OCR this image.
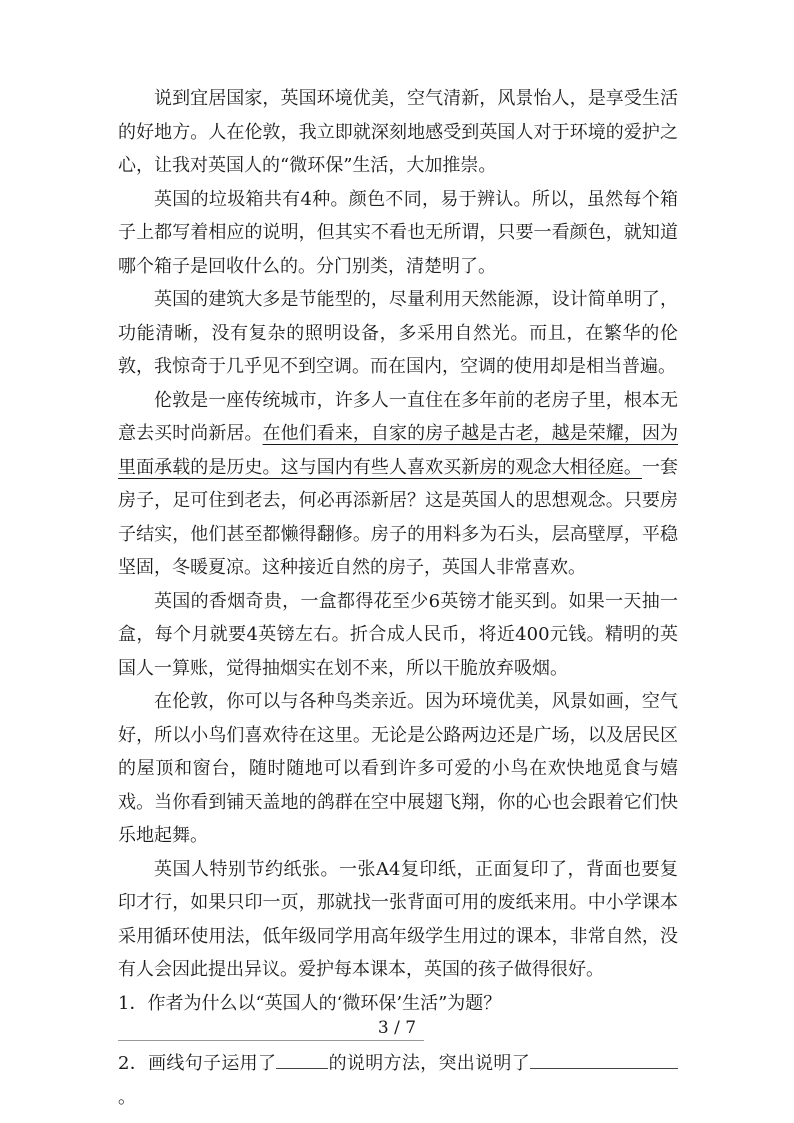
说到宜居国家，英国环境优美，空气清新，风景怡人，是享受生活的好地方。人在伦敦，我立即就深刻地感受到英国人对于环境的爱护之心，让我对英国人的“微环保”生活，大加推崇。

英国的垃圾箱共有4种。颜色不同，易于辨认。所以，虽然每个箱子上都写着相应的说明，但其实不看也无所谓，只要一看颜色，就知道哪个箱子是回收什么的。分门别类，清楚明了。

英国的建筑大多是节能型的，尽量利用天然能源，设计简单明了，功能清晰，没有复杂的照明设备，多采用自然光。而且，在繁华的伦敦，我惊奇于几乎见不到空调。而在国内，空调的使用却是相当普遍。

伦敦是一座传统城市，许多人一直住在多年前的老房子里，根本无意去买时尚新居。在他们看来，自家的房子越是古老，越是荣耀，因为里面承载的是历史。这与国内有些人喜欢买新房的观念大相径庭。一套房子，足可住到老去，何必再添新居？这是英国人的思想观念。只要房子结实，他们甚至都懒得翻修。房子的用料多为石头，层高壁厚，平稳坚固，冬暖夏凉。这种接近自然的房子，英国人非常喜欢。

英国的香烟奇贵，一盒都得花至少6英镑才能买到。如果一天抽一盒，每个月就要4英镑左右。折合成人民币，将近400元钱。精明的英国人一算账，觉得抽烟实在划不来，所以干脆放弃吸烟。

在伦敦，你可以与各种鸟类亲近。因为环境优美，风景如画，空气好，所以小鸟们喜欢待在这里。无论是公路两边还是广场，以及居民区的屋顶和窗台，随时随地可以看到许多可爱的小鸟在欢快地觅食与嬉戏。当你看到铺天盖地的鸽群在空中展翅飞翔，你的心也会跟着它们快乐地起舞。

英国人特别节约纸张。一张A4复印纸，正面复印了，背面也要复印才行，如果只印一页，那就找一张背面可用的废纸来用。中小学课本采用循环使用法，低年级同学用高年级学生用过的课本，非常自然，没有人会因此提出异议。爱护每本课本，英国的孩子做得很好。

1．作者为什么以“英国人的‘微环保’生活”为题？

2．画线句子运用了	的说明方法，突出说明了。

3 / 7
